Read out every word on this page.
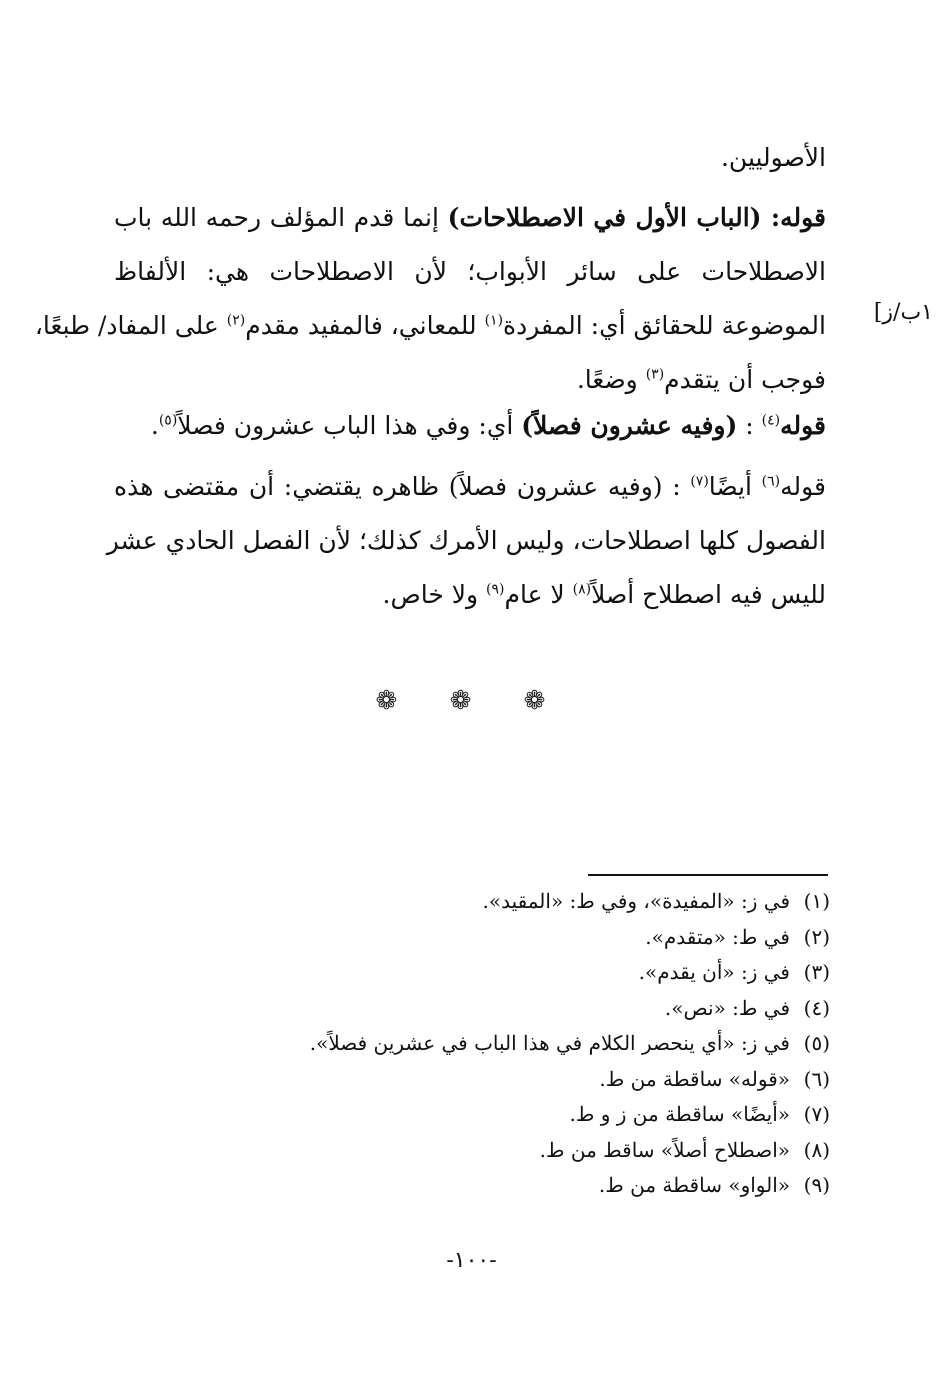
الأصوليين.
قوله: (الباب الأول في الاصطلاحات) إنما قدم المؤلف رحمه الله باب
الاصطلاحات على سائر الأبواب؛ لأن الاصطلاحات هي: الألفاظ
الموضوعة للحقائق أي: المفردة$^{(١)}$ للمعاني، فالمفيد مقدم$^{(٢)}$ على المفاد/ طبعًا،
فوجب أن يتقدم$^{(٣)}$ وضعًا.
١ب/ز]
قوله$^{(٤)}$ : (وفيه عشرون فصلاً) أي: وفي هذا الباب عشرون فصلاً$^{(٥)}$.
قوله$^{(٦)}$ أيضًا$^{(٧)}$ : (وفيه عشرون فصلاً) ظاهره يقتضي: أن مقتضى هذه
الفصول كلها اصطلاحات، وليس الأمرك كذلك؛ لأن الفصل الحادي عشر
لليس فيه اصطلاح أصلاً$^{(٨)}$ لا عام$^{(٩)}$ ولا خاص.
❁ ❁ ❁
(١)في ز: «المفيدة»، وفي ط: «المقيد».
(٢)في ط: «متقدم».
(٣)في ز: «أن يقدم».
(٤)في ط: «نص».
(٥)في ز: «أي ينحصر الكلام في هذا الباب في عشرين فصلاً».
(٦)«قوله» ساقطة من ط.
(٧)«أيضًا» ساقطة من ز و ط.
(٨)«اصطلاح أصلاً» ساقط من ط.
(٩)«الواو» ساقطة من ط.
-١٠٠-
